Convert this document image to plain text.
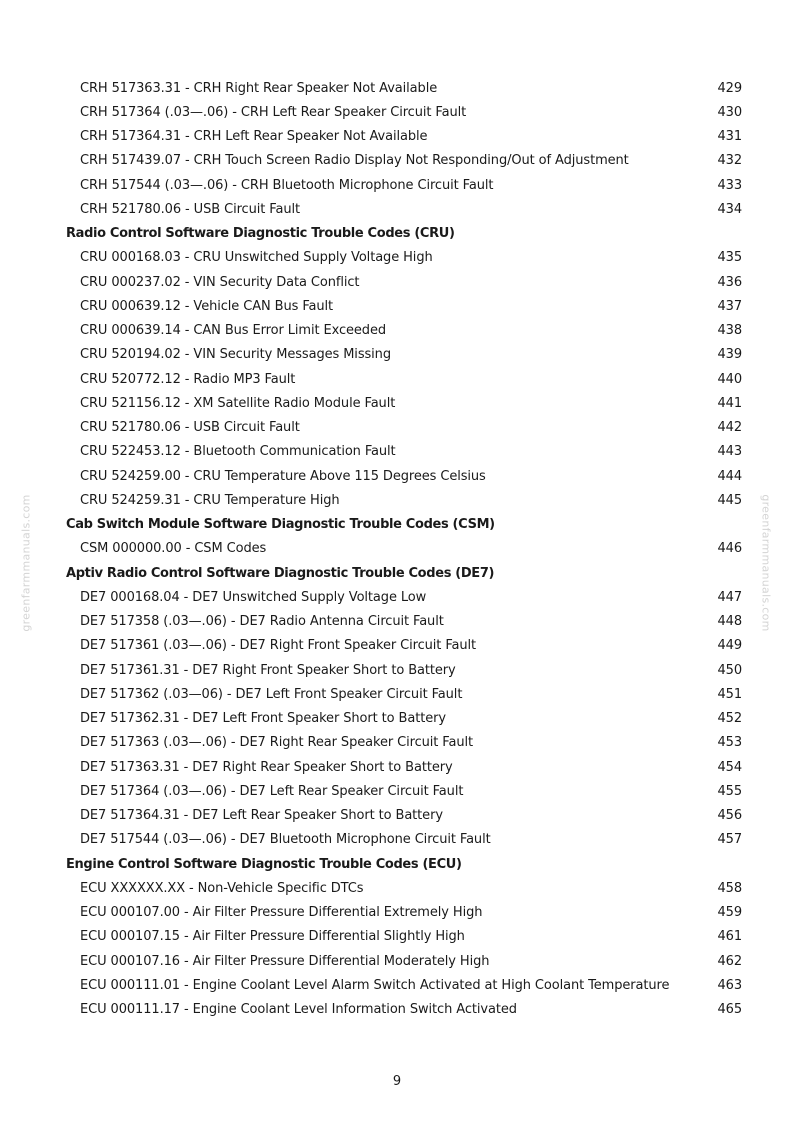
greenfarmmanuals.com	greenfarmmanuals.com
CRH 517363.31 - CRH Right Rear Speaker Not Available	429
CRH 517364 (.03—.06) - CRH Left Rear Speaker Circuit Fault	430
CRH 517364.31 - CRH Left Rear Speaker Not Available	431
CRH 517439.07 - CRH Touch Screen Radio Display Not Responding/Out of Adjustment	432
CRH 517544 (.03—.06) - CRH Bluetooth Microphone Circuit Fault	433
CRH 521780.06 - USB Circuit Fault	434
Radio Control Software Diagnostic Trouble Codes (CRU)
CRU 000168.03 - CRU Unswitched Supply Voltage High	435
CRU 000237.02 - VIN Security Data Conflict	436
CRU 000639.12 - Vehicle CAN Bus Fault	437
CRU 000639.14 - CAN Bus Error Limit Exceeded	438
CRU 520194.02 - VIN Security Messages Missing	439
CRU 520772.12 - Radio MP3 Fault	440
CRU 521156.12 - XM Satellite Radio Module Fault	441
CRU 521780.06 - USB Circuit Fault	442
CRU 522453.12 - Bluetooth Communication Fault	443
CRU 524259.00 - CRU Temperature Above 115 Degrees Celsius	444
CRU 524259.31 - CRU Temperature High	445
Cab Switch Module Software Diagnostic Trouble Codes (CSM)
CSM 000000.00 - CSM Codes	446
Aptiv Radio Control Software Diagnostic Trouble Codes (DE7)
DE7 000168.04 - DE7 Unswitched Supply Voltage Low	447
DE7 517358 (.03—.06) - DE7 Radio Antenna Circuit Fault	448
DE7 517361 (.03—.06) - DE7 Right Front Speaker Circuit Fault	449
DE7 517361.31 - DE7 Right Front Speaker Short to Battery	450
DE7 517362 (.03—06) - DE7 Left Front Speaker Circuit Fault	451
DE7 517362.31 - DE7 Left Front Speaker Short to Battery	452
DE7 517363 (.03—.06) - DE7 Right Rear Speaker Circuit Fault	453
DE7 517363.31 - DE7 Right Rear Speaker Short to Battery	454
DE7 517364 (.03—.06) - DE7 Left Rear Speaker Circuit Fault	455
DE7 517364.31 - DE7 Left Rear Speaker Short to Battery	456
DE7 517544 (.03—.06) - DE7 Bluetooth Microphone Circuit Fault	457
Engine Control Software Diagnostic Trouble Codes (ECU)
ECU XXXXXX.XX - Non-Vehicle Specific DTCs	458
ECU 000107.00 - Air Filter Pressure Differential Extremely High	459
ECU 000107.15 - Air Filter Pressure Differential Slightly High	461
ECU 000107.16 - Air Filter Pressure Differential Moderately High	462
ECU 000111.01 - Engine Coolant Level Alarm Switch Activated at High Coolant Temperature	463
ECU 000111.17 - Engine Coolant Level Information Switch Activated	465
9
